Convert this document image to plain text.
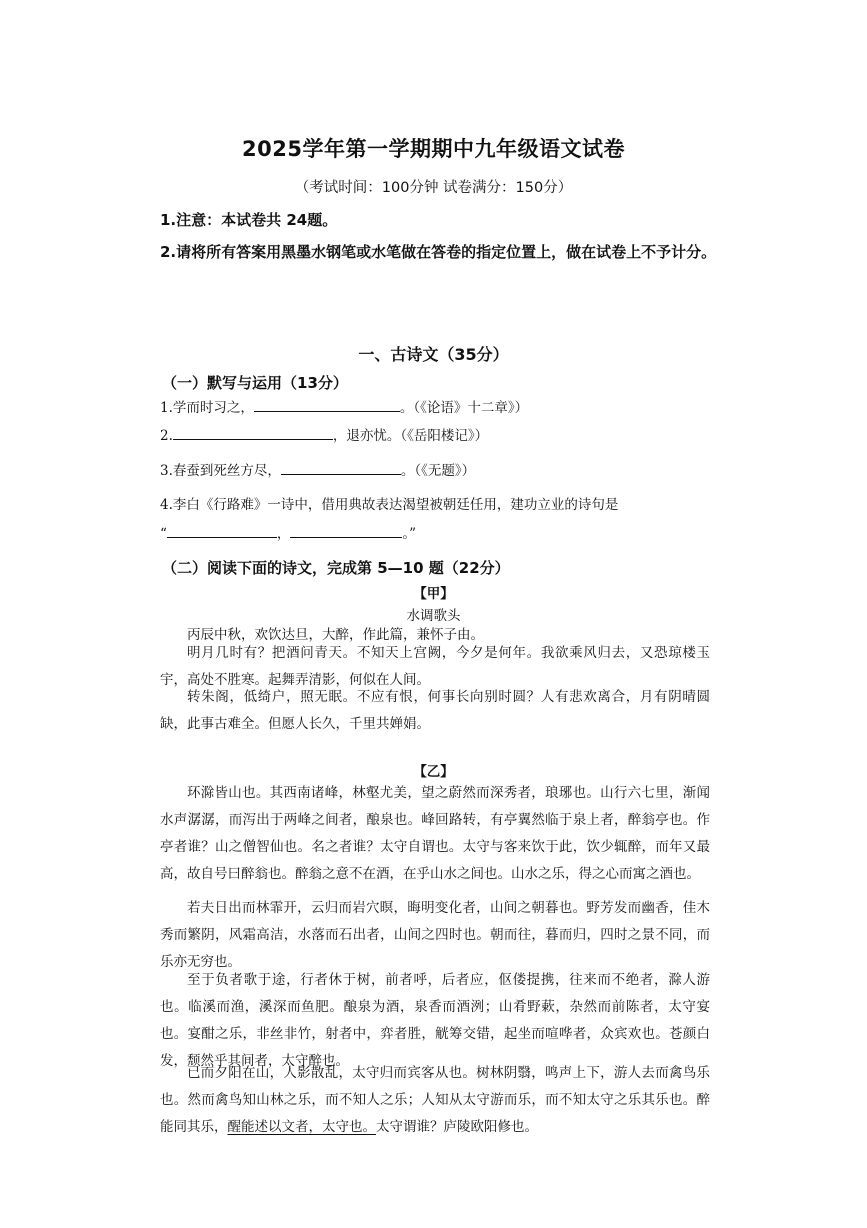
2025学年第一学期期中九年级语文试卷
（考试时间：100分钟 试卷满分：150分）
1.注意：本试卷共 24题。
2.请将所有答案用黑墨水钢笔或水笔做在答卷的指定位置上，做在试卷上不予计分。
一、古诗文（35分）
（一）默写与运用（13分）
1.学而时习之，	。（《论语》十二章》）
2.	，退亦忧。（《岳阳楼记》）
3.春蚕到死丝方尽，	。（《无题》）
4.李白《行路难》一诗中，借用典故表达渴望被朝廷任用，建功立业的诗句是
“	，	。”
（二）阅读下面的诗文，完成第 5—10 题（22分）
【甲】
水调歌头
丙辰中秋，欢饮达旦，大醉，作此篇，兼怀子由。
明月几时有？把酒问青天。不知天上宫阙，今夕是何年。我欲乘风归去，又恐琼楼玉宇，高处不胜寒。起舞弄清影，何似在人间。
转朱阁，低绮户，照无眠。不应有恨，何事长向别时圆？人有悲欢离合，月有阴晴圆缺，此事古难全。但愿人长久，千里共婵娟。
【乙】
环滁皆山也。其西南诸峰，林壑尤美，望之蔚然而深秀者，琅琊也。山行六七里，渐闻水声潺潺，而泻出于两峰之间者，酿泉也。峰回路转，有亭翼然临于泉上者，醉翁亭也。作亭者谁？山之僧智仙也。名之者谁？太守自谓也。太守与客来饮于此，饮少辄醉，而年又最高，故自号曰醉翁也。醉翁之意不在酒，在乎山水之间也。山水之乐，得之心而寓之酒也。
若夫日出而林霏开，云归而岩穴暝，晦明变化者，山间之朝暮也。野芳发而幽香，佳木秀而繁阴，风霜高洁，水落而石出者，山间之四时也。朝而往，暮而归，四时之景不同，而乐亦无穷也。
至于负者歌于途，行者休于树，前者呼，后者应，伛偻提携，往来而不绝者，滁人游也。临溪而渔，溪深而鱼肥。酿泉为酒，泉香而酒洌；山肴野蔌，杂然而前陈者，太守宴也。宴酣之乐，非丝非竹，射者中，弈者胜，觥筹交错，起坐而喧哗者，众宾欢也。苍颜白发，颓然乎其间者，太守醉也。
已而夕阳在山，人影散乱，太守归而宾客从也。树林阴翳，鸣声上下，游人去而禽鸟乐也。然而禽鸟知山林之乐，而不知人之乐；人知从太守游而乐，而不知太守之乐其乐也。醉能同其乐，醒能述以文者，太守也。太守谓谁？庐陵欧阳修也。
